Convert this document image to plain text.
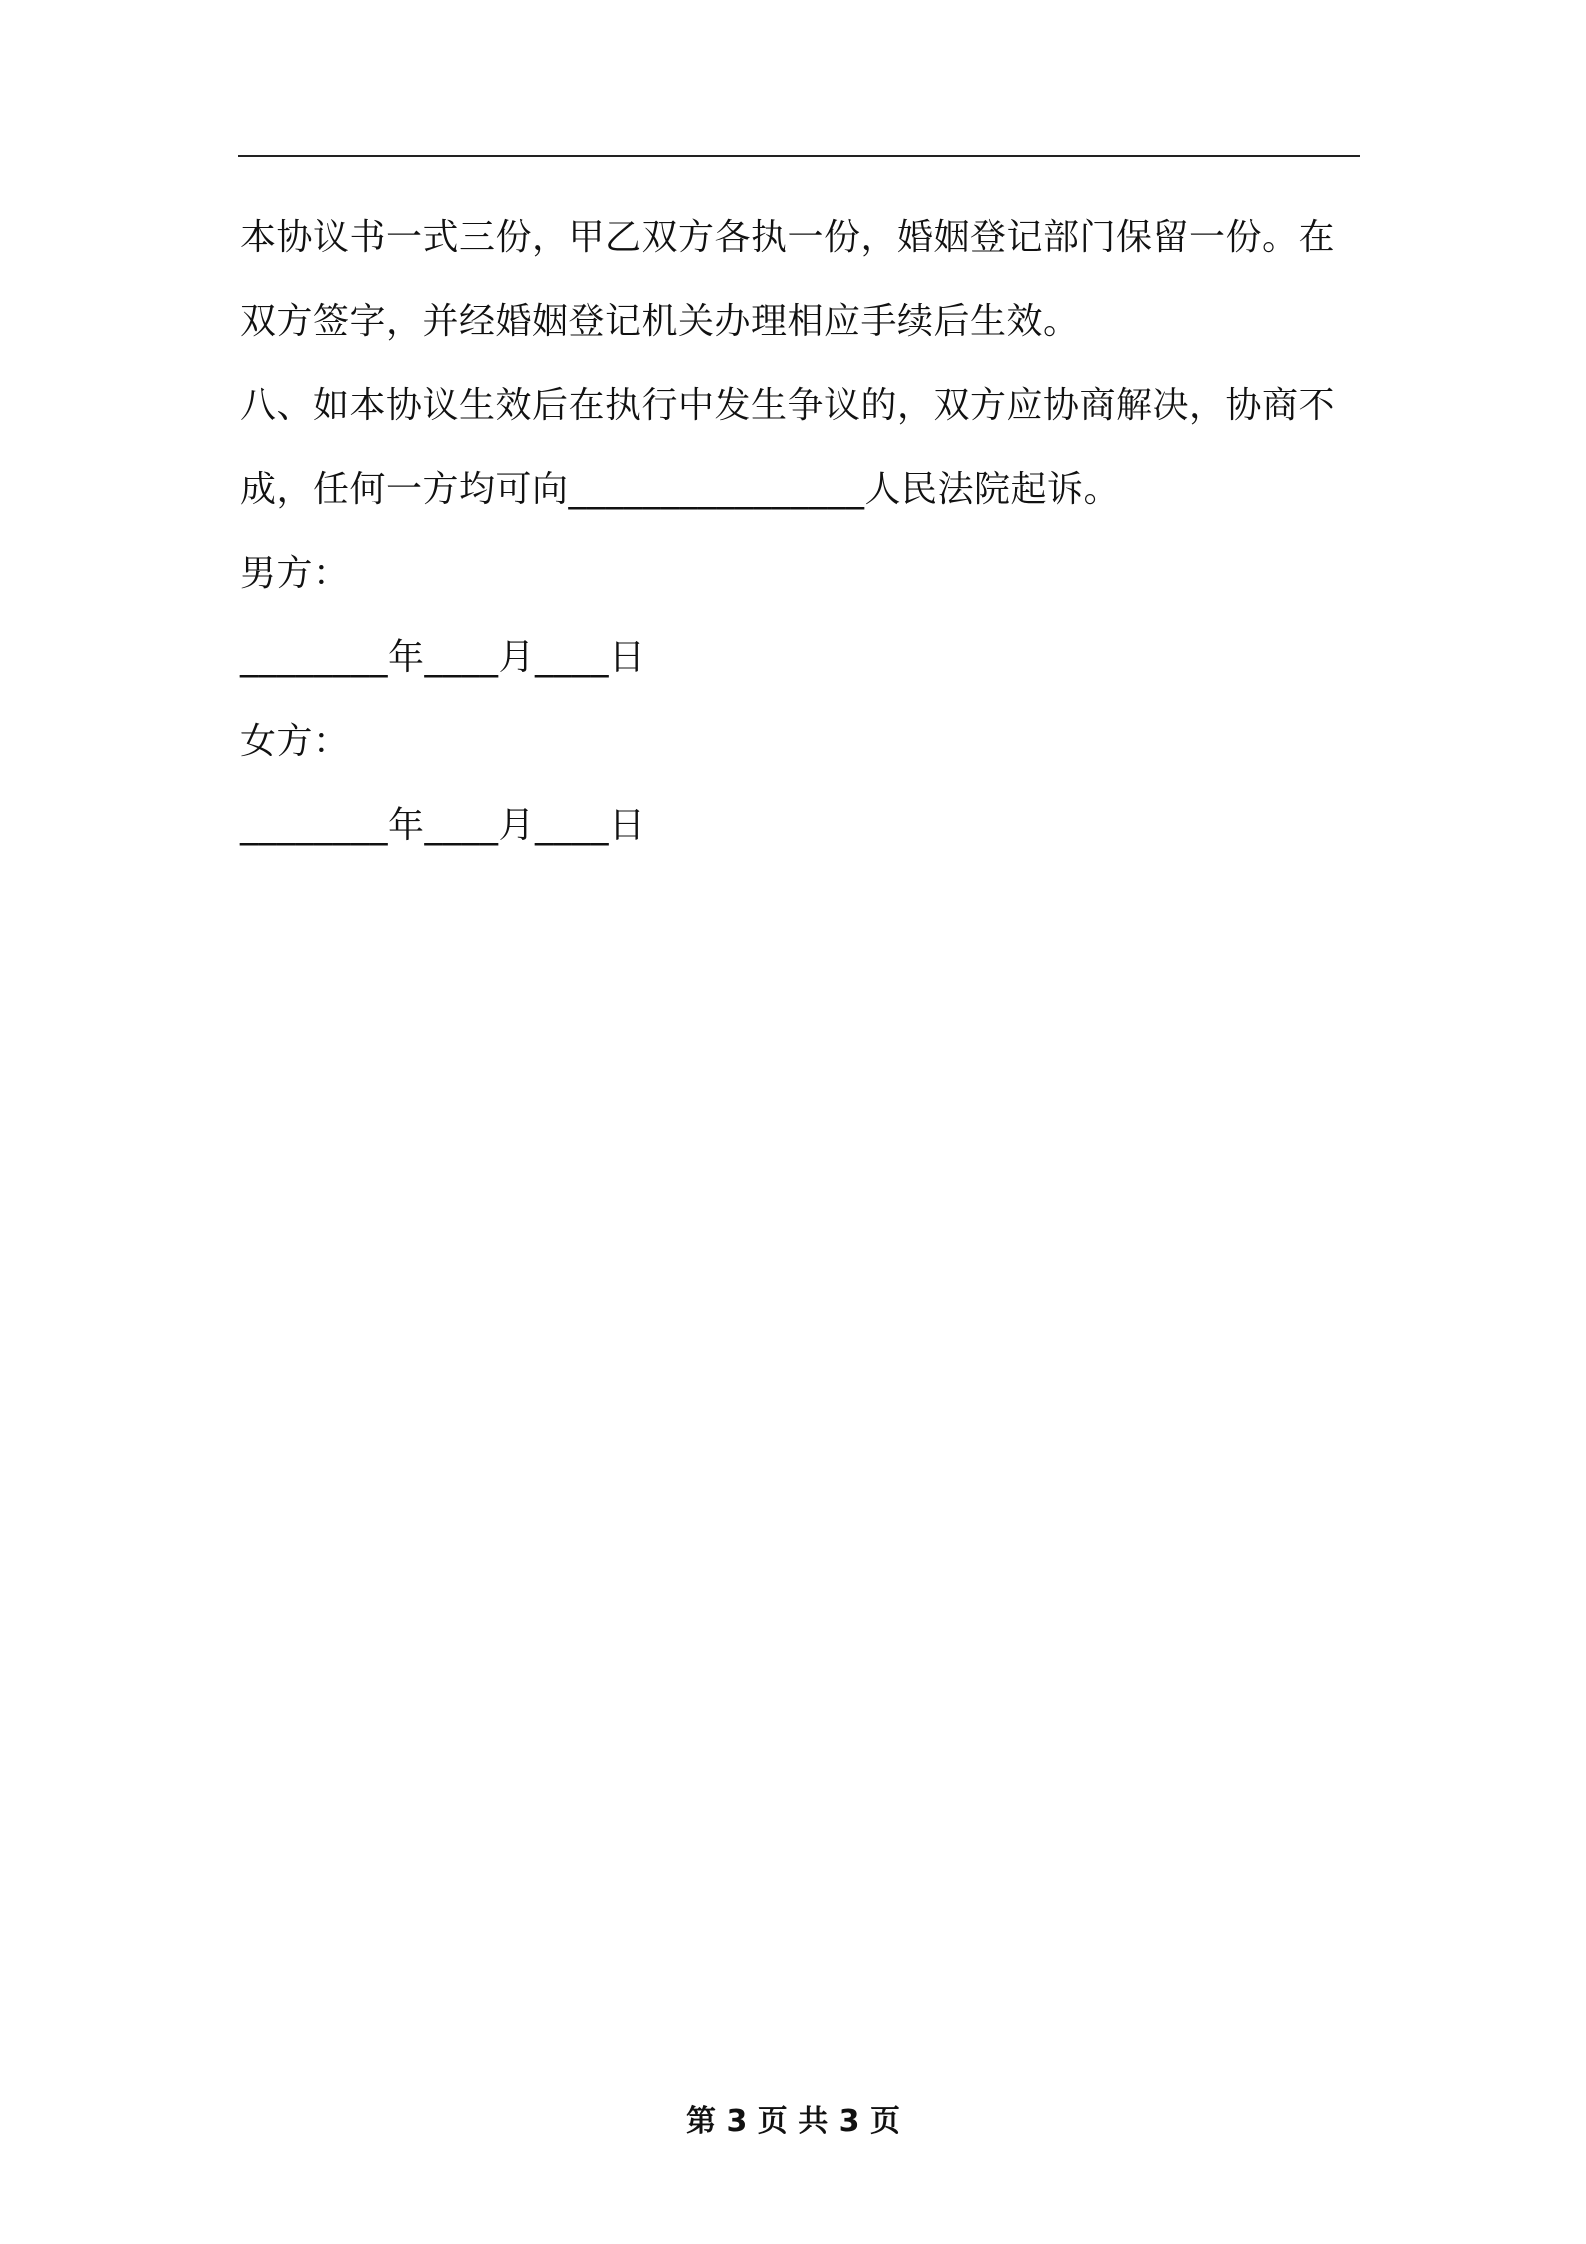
本协议书一式三份，甲乙双方各执一份，婚姻登记部门保留一份。在
双方签字，并经婚姻登记机关办理相应手续后生效。
八、如本协议生效后在执行中发生争议的，双方应协商解决，协商不
成，任何一方均可向________________人民法院起诉。
男方：
________年____月____日
女方：
________年____月____日
第 3 页 共 3 页
